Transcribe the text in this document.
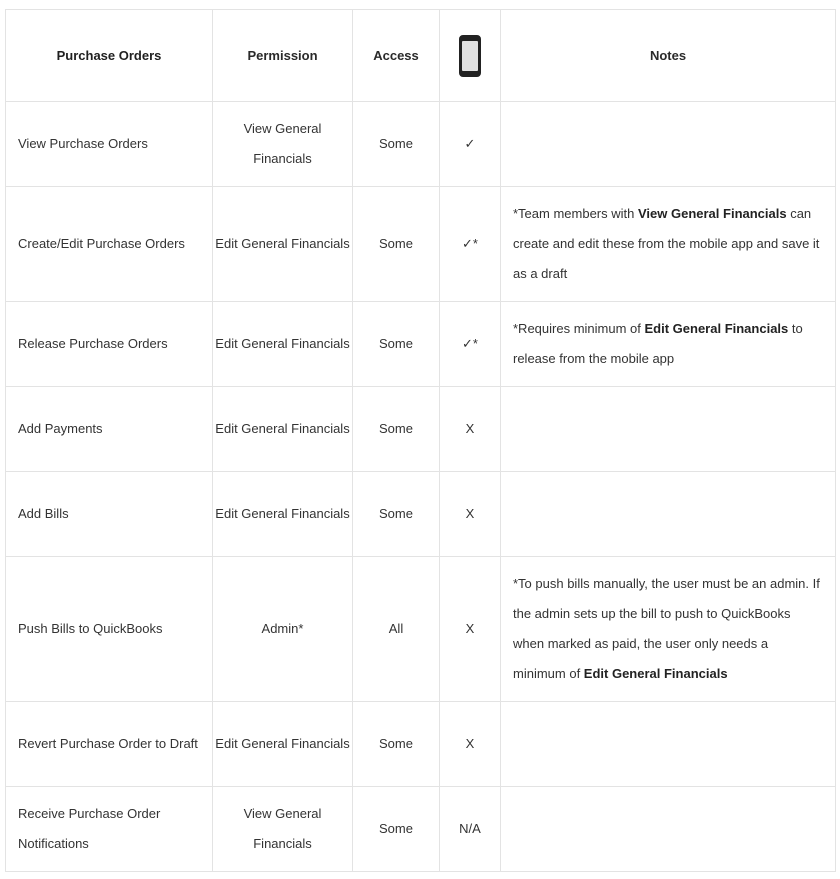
Purchase Orders	Permission	Access		Notes
View Purchase Orders	View General Financials	Some	✓	
Create/Edit Purchase Orders	Edit General Financials	Some	✓*	*Team members with View General Financials can create and edit these from the mobile app and save it as a draft
Release Purchase Orders	Edit General Financials	Some	✓*	*Requires minimum of Edit General Financials to release from the mobile app
Add Payments	Edit General Financials	Some	X	
Add Bills	Edit General Financials	Some	X	
Push Bills to QuickBooks	Admin*	All	X	*To push bills manually, the user must be an admin. If the admin sets up the bill to push to QuickBooks when marked as paid, the user only needs a minimum of Edit General Financials
Revert Purchase Order to Draft	Edit General Financials	Some	X	
Receive Purchase Order Notifications	View General Financials	Some	N/A	
